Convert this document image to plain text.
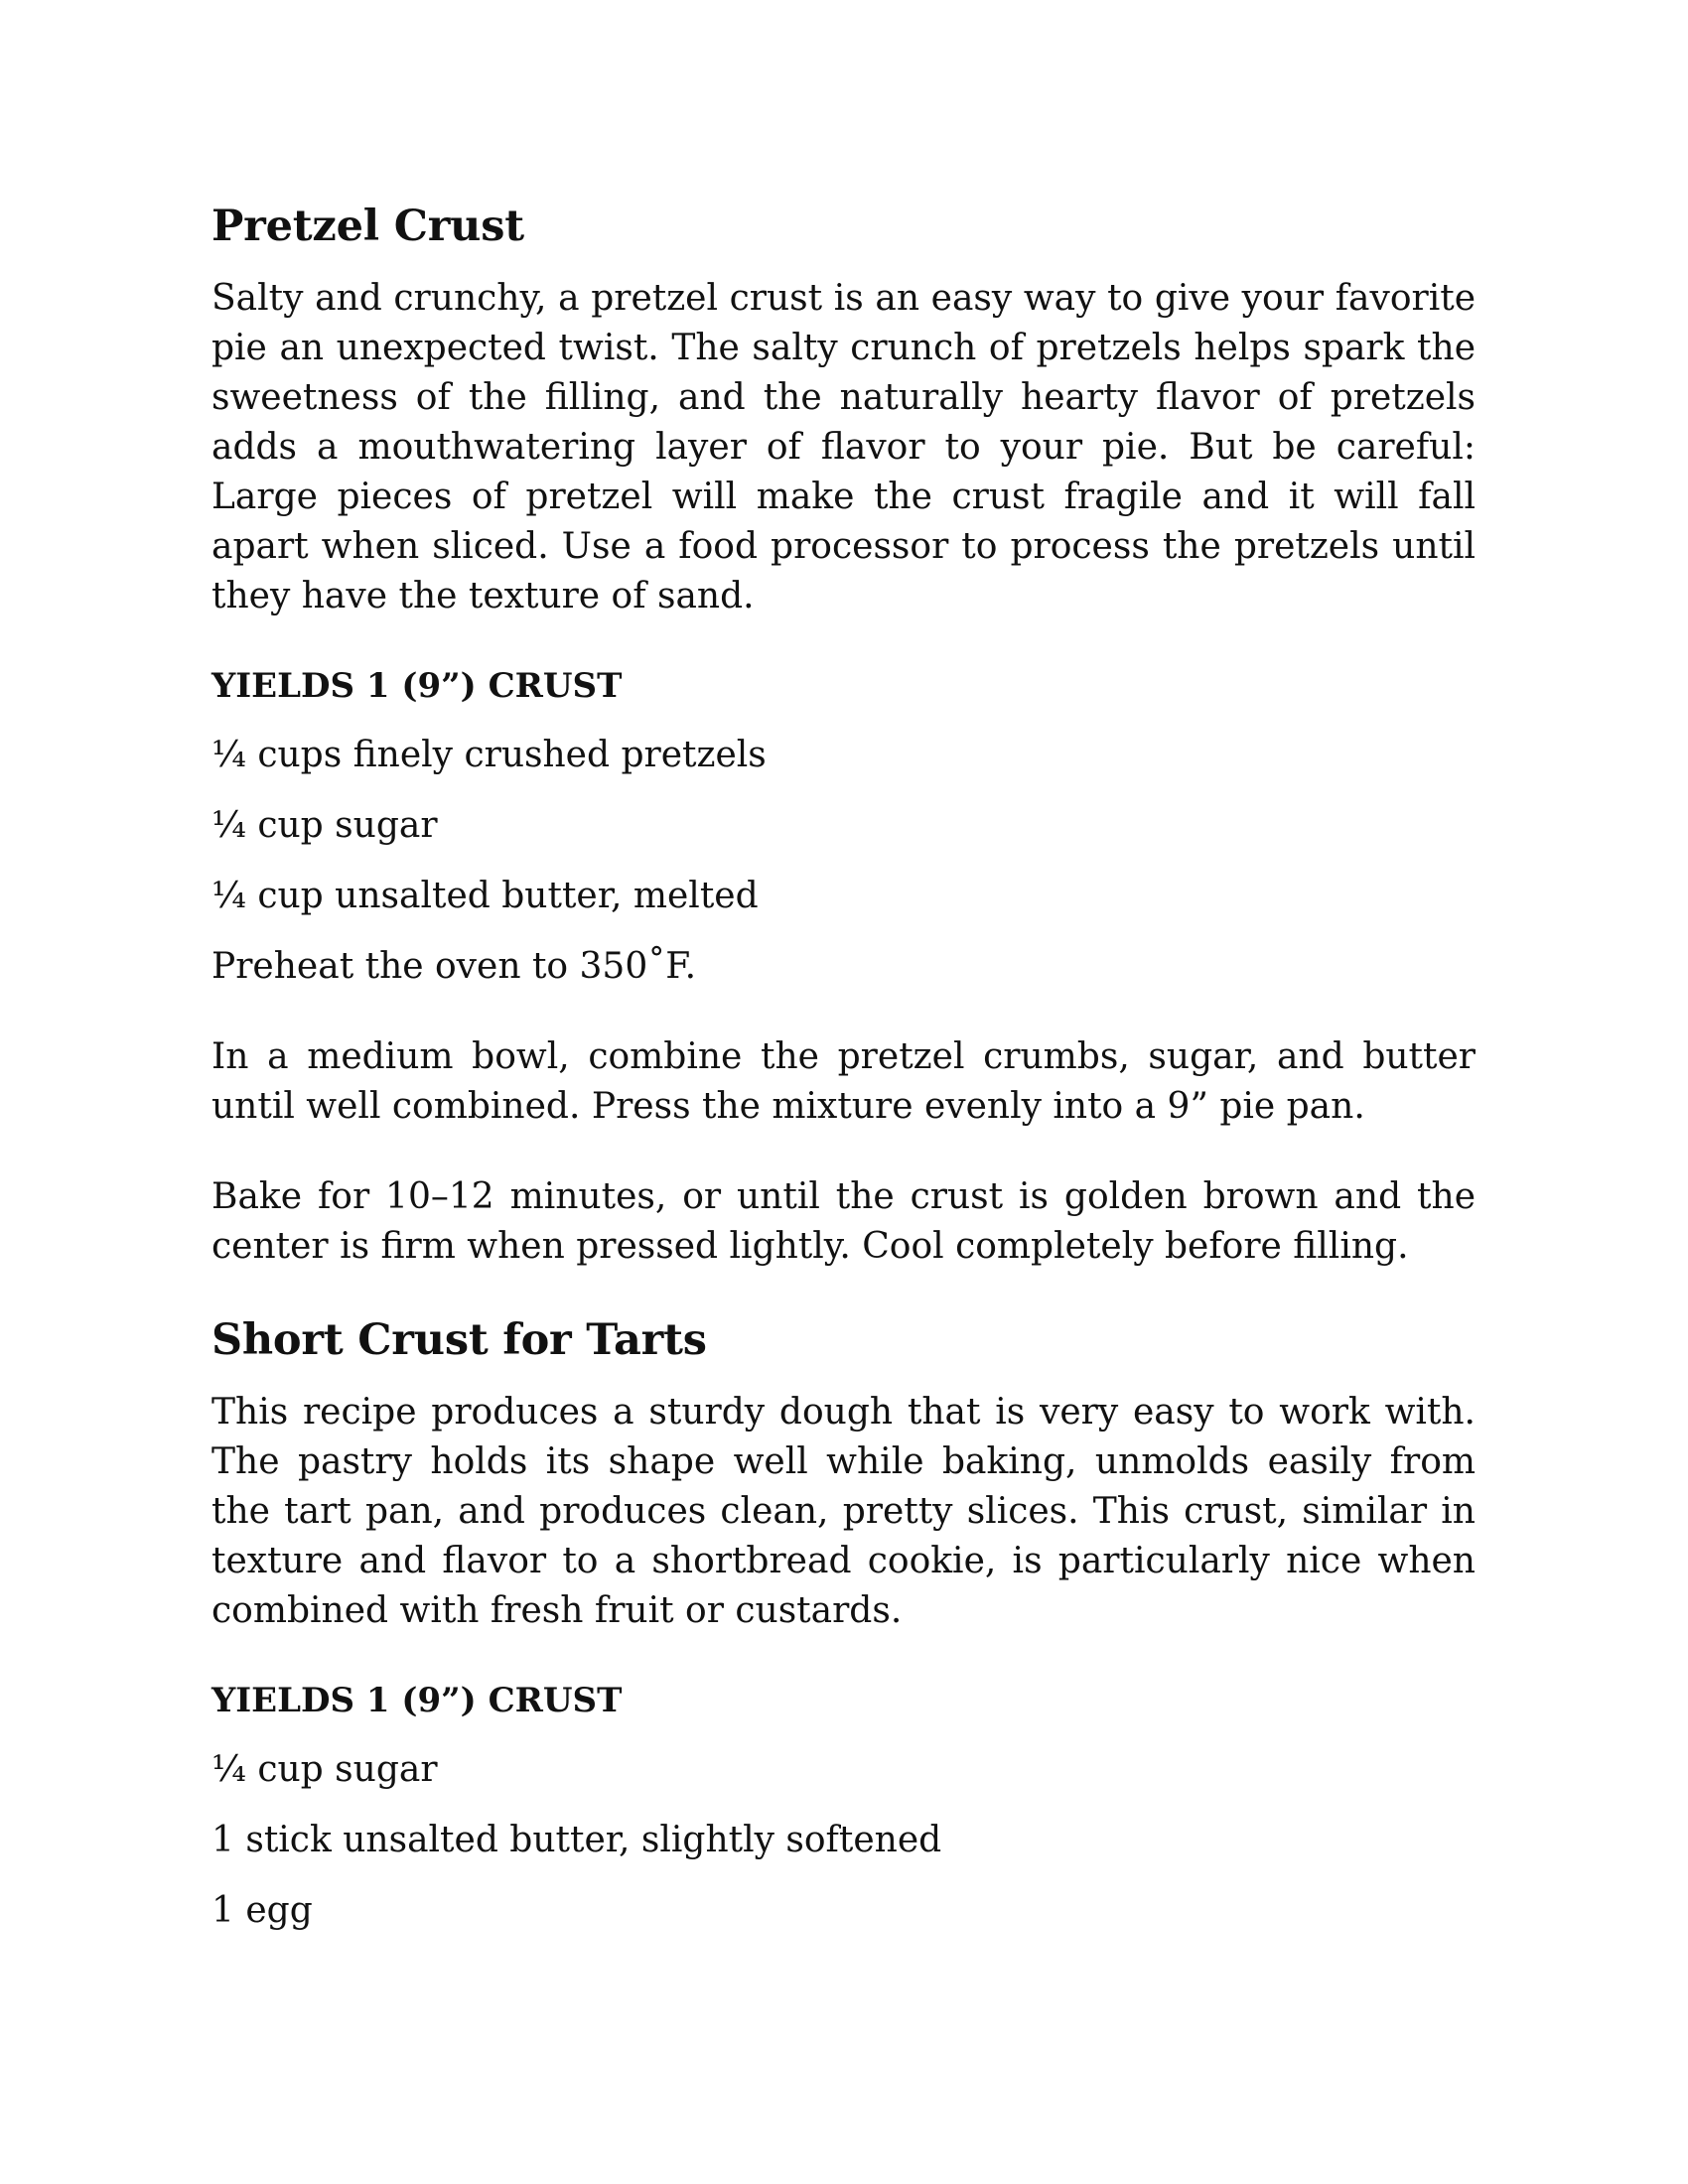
Pretzel Crust

Salty and crunchy, a pretzel crust is an easy way to give your favorite pie an unexpected twist. The salty crunch of pretzels helps spark the sweetness of the filling, and the naturally hearty flavor of pretzels adds a mouthwatering layer of flavor to your pie. But be careful: Large pieces of pretzel will make the crust fragile and it will fall apart when sliced. Use a food processor to process the pretzels until they have the texture of sand.

YIELDS 1 (9”) CRUST
¼ cups finely crushed pretzels
¼ cup sugar
¼ cup unsalted butter, melted

Preheat the oven to 350˚F.

In a medium bowl, combine the pretzel crumbs, sugar, and butter until well combined. Press the mixture evenly into a 9” pie pan.

Bake for 10–12 minutes, or until the crust is golden brown and the center is firm when pressed lightly. Cool completely before filling.

Short Crust for Tarts

This recipe produces a sturdy dough that is very easy to work with. The pastry holds its shape well while baking, unmolds easily from the tart pan, and produces clean, pretty slices. This crust, similar in texture and flavor to a shortbread cookie, is particularly nice when combined with fresh fruit or custards.

YIELDS 1 (9”) CRUST
¼ cup sugar
1 stick unsalted butter, slightly softened
1 egg
